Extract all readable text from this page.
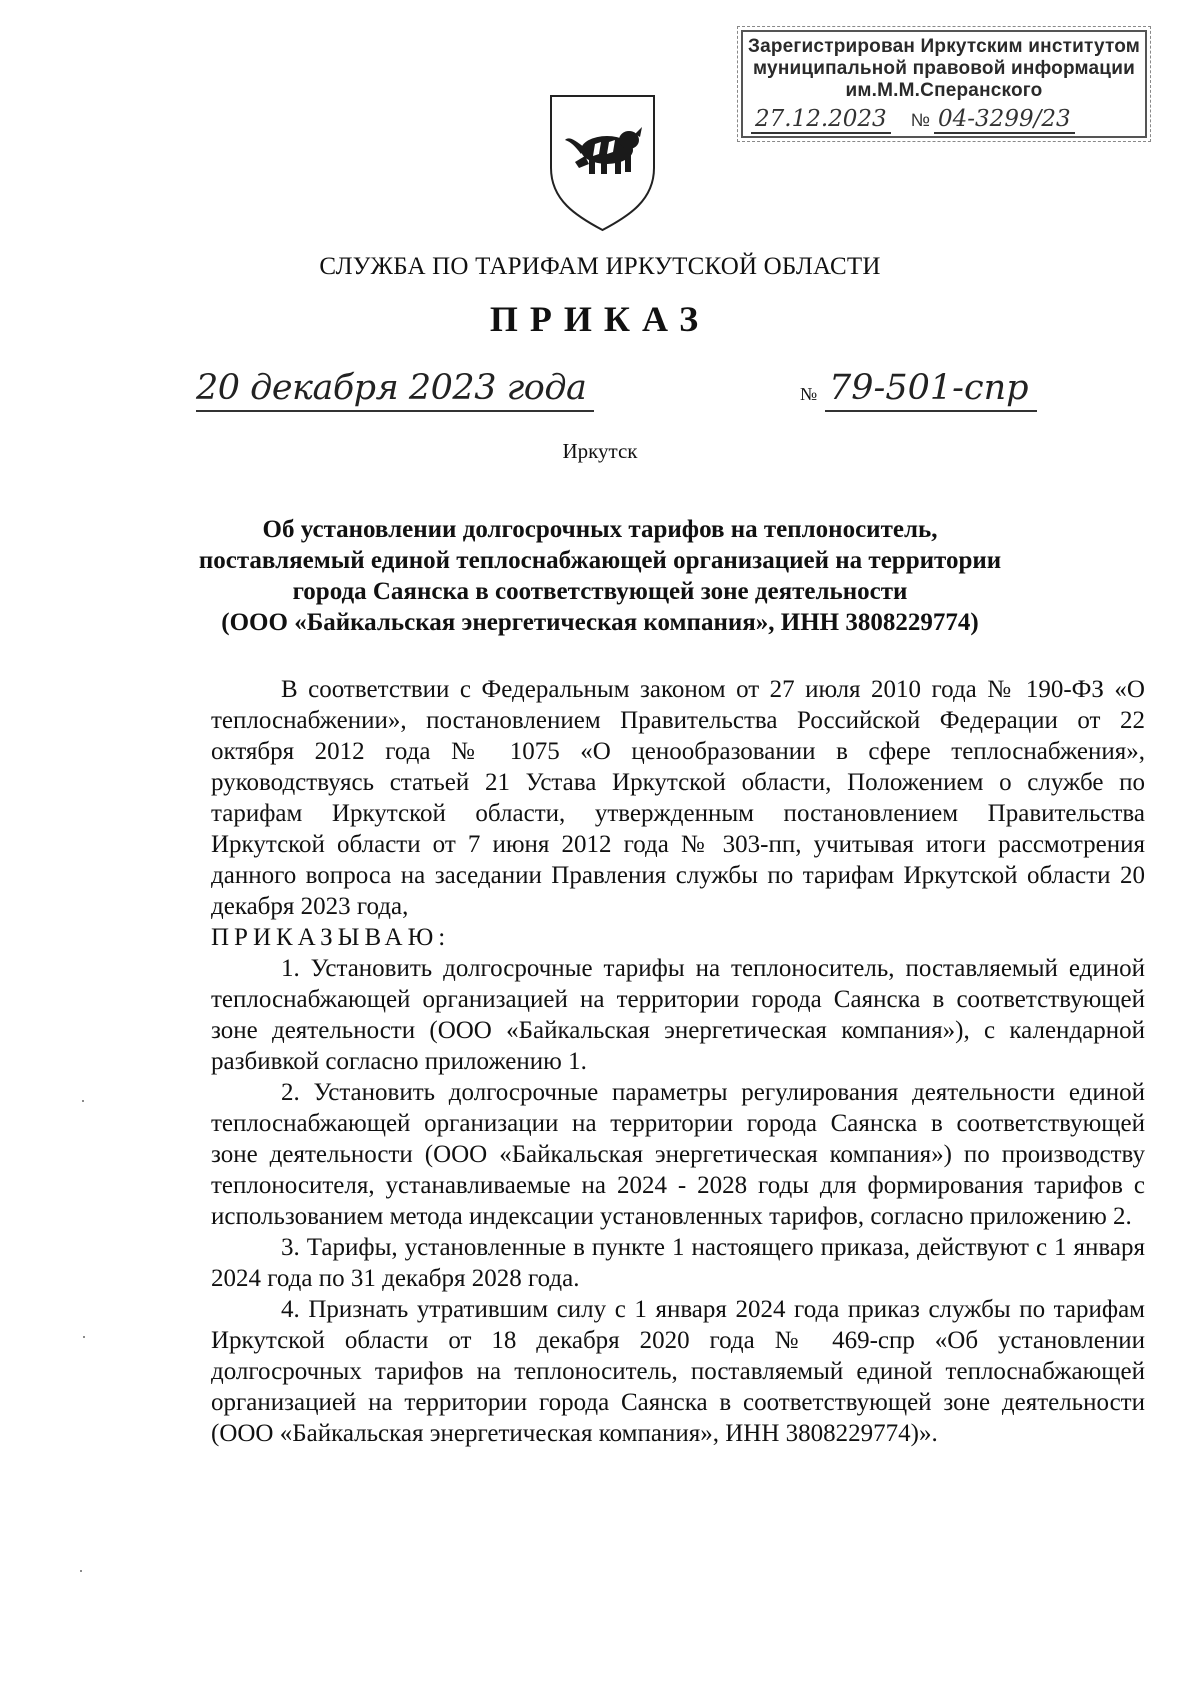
Зарегистрирован Иркутским институтом
муниципальной правовой информации
им.М.М.Сперанского
27.12.2023 № 04-3299/23
СЛУЖБА ПО ТАРИФАМ ИРКУТСКОЙ ОБЛАСТИ
ПРИКАЗ
20 декабря 2023 года	№ 79-501-спр
Иркутск
Об установлении долгосрочных тарифов на теплоноситель,
поставляемый единой теплоснабжающей организацией на территории
города Саянска в соответствующей зоне деятельности
(ООО «Байкальская энергетическая компания», ИНН 3808229774)

В соответствии с Федеральным законом от 27 июля 2010 года № 190-ФЗ «О теплоснабжении», постановлением Правительства Российской Федерации от 22 октября 2012 года № 1075 «О ценообразовании в сфере теплоснабжения», руководствуясь статьей 21 Устава Иркутской области, Положением о службе по тарифам Иркутской области, утвержденным постановлением Правительства Иркутской области от 7 июня 2012 года № 303-пп, учитывая итоги рассмотрения данного вопроса на заседании Правления службы по тарифам Иркутской области 20 декабря 2023 года,

ПРИКАЗЫВАЮ:

1. Установить долгосрочные тарифы на теплоноситель, поставляемый единой теплоснабжающей организацией на территории города Саянска в соответствующей зоне деятельности (ООО «Байкальская энергетическая компания»), с календарной разбивкой согласно приложению 1.

2. Установить долгосрочные параметры регулирования деятельности единой теплоснабжающей организации на территории города Саянска в соответствующей зоне деятельности (ООО «Байкальская энергетическая компания») по производству теплоносителя, устанавливаемые на 2024 - 2028 годы для формирования тарифов с использованием метода индексации установленных тарифов, согласно приложению 2.

3. Тарифы, установленные в пункте 1 настоящего приказа, действуют с 1 января 2024 года по 31 декабря 2028 года.

4. Признать утратившим силу с 1 января 2024 года приказ службы по тарифам Иркутской области от 18 декабря 2020 года № 469-спр «Об установлении долгосрочных тарифов на теплоноситель, поставляемый единой теплоснабжающей организацией на территории города Саянска в соответствующей зоне деятельности (ООО «Байкальская энергетическая компания», ИНН 3808229774)».
